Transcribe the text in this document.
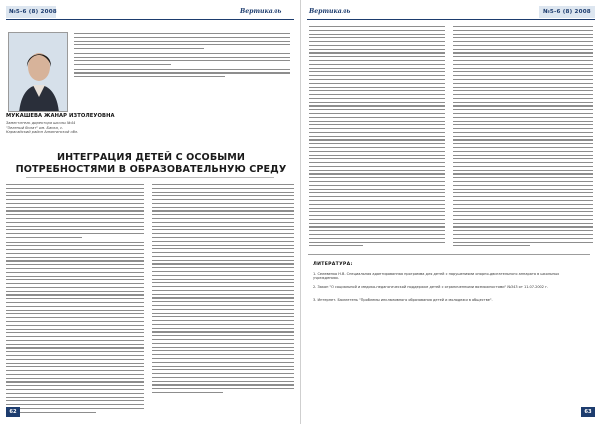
№5-6 (8) 2008	Вертикаль
МУКАШЕВА ЖАНАР ИЗТОЛЕУОВНА
Заместитель директора школы №44 "Зеленый болат" им. Банка, с. Карасайский район Алматинской обл.
ИНТЕГРАЦИЯ ДЕТЕЙ С ОСОБЫМИ ПОТРЕБНОСТЯМИ В ОБРАЗОВАТЕЛЬНУЮ СРЕДУ
62
Вертикаль	№5-6 (8) 2008
63
ЛИТЕРАТУРА:
1. Селевенко Н.В. Специальная адаптированная программа для детей с нарушениями опорно-двигательного аппарата в школьных учреждениях.
2. Закон "О социальной и медико-педагогической поддержке детей с ограниченными возможностями" №343 от 11.07.2002 г.
3. Интернет. Бюллетень "Проблемы инклюзивного образования детей и молодежи в обществе".
